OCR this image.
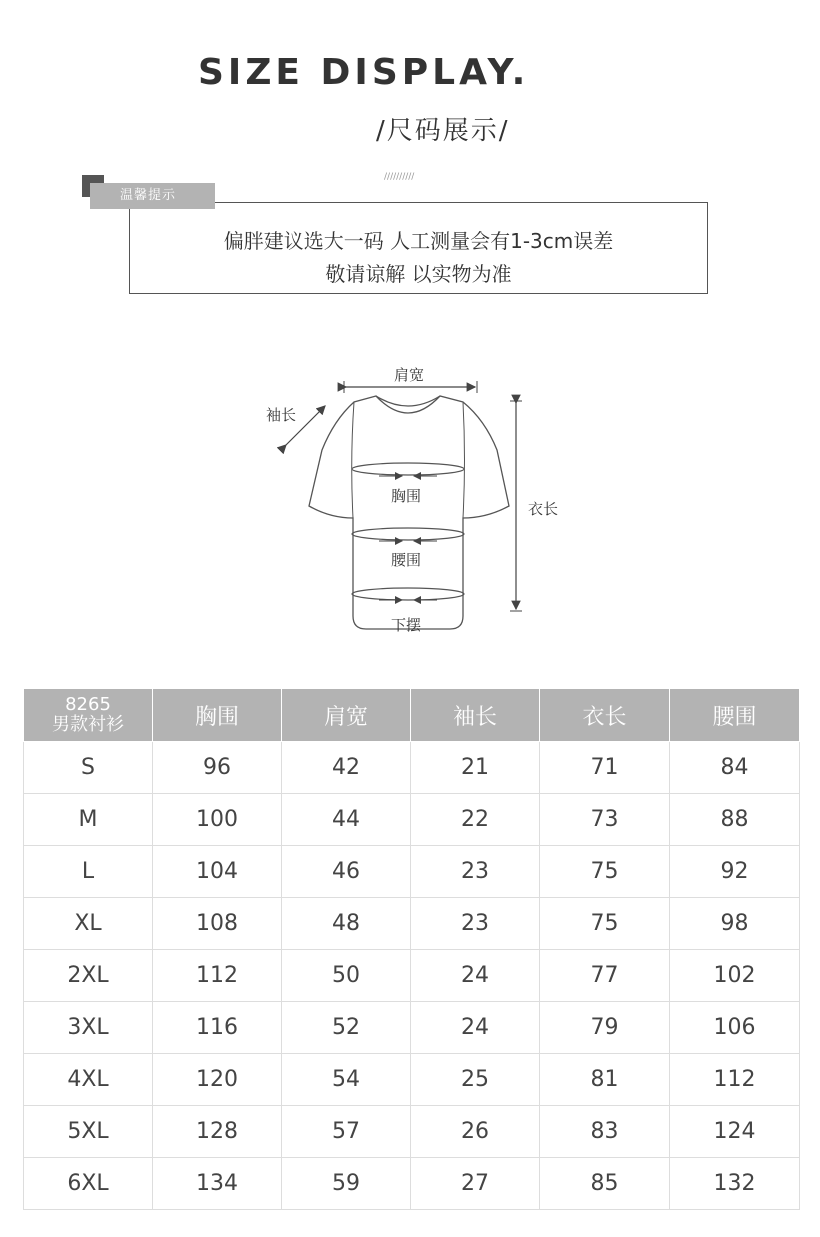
SIZE DISPLAY.
/尺码展示/
//////////
偏胖建议选大一码 人工测量会有1-3cm误差
敬请谅解 以实物为准
温馨提示
肩宽
袖长
胸围
衣长
腰围
下摆
8265
男款衬衫	胸围	肩宽	袖长	衣长	腰围
S	96	42	21	71	84
M	100	44	22	73	88
L	104	46	23	75	92
XL	108	48	23	75	98
2XL	112	50	24	77	102
3XL	116	52	24	79	106
4XL	120	54	25	81	112
5XL	128	57	26	83	124
6XL	134	59	27	85	132
